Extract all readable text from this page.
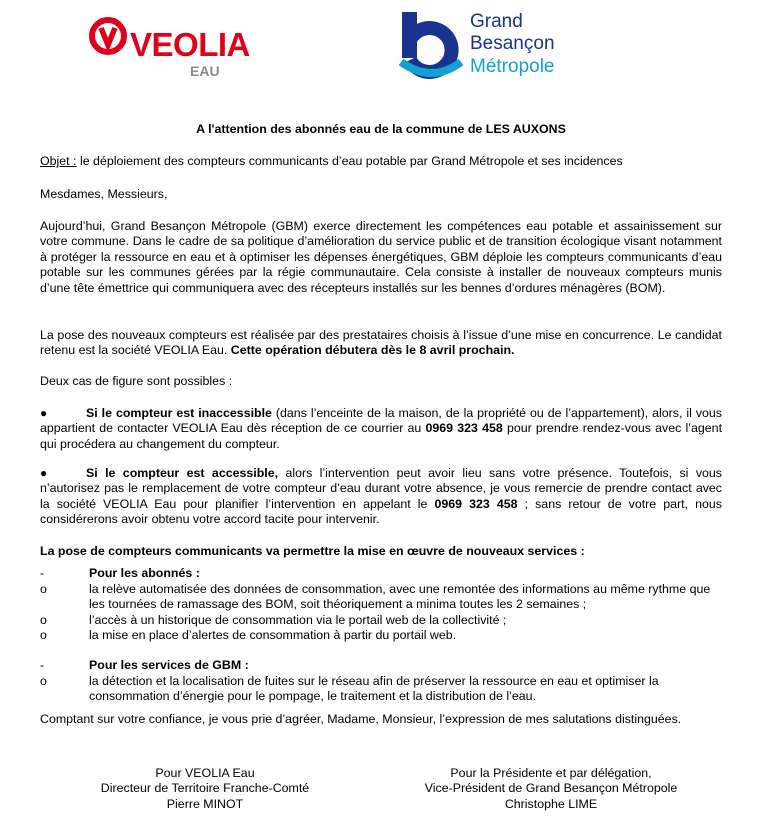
VEOLIA
EAU
Grand
Besançon
Métropole
A l'attention des abonnés eau de la commune de LES AUXONS
Objet : le déploiement des compteurs communicants d’eau potable par Grand Métropole et ses incidences
Mesdames, Messieurs,
Aujourd’hui, Grand Besançon Métropole (GBM) exerce directement les compétences eau potable et assainissement sur votre commune. Dans le cadre de sa politique d’amélioration du service public et de transition écologique visant notamment à protéger la ressource en eau et à optimiser les dépenses énergétiques, GBM déploie les compteurs communicants d’eau potable sur les communes gérées par la régie communautaire. Cela consiste à installer de nouveaux compteurs munis d’une tête émettrice qui communiquera avec des récepteurs installés sur les bennes d’ordures ménagères (BOM).
La pose des nouveaux compteurs est réalisée par des prestataires choisis à l’issue d’une mise en concurrence. Le candidat retenu est la société VEOLIA Eau. Cette opération débutera dès le 8 avril prochain.
Deux cas de figure sont possibles :
Si le compteur est inaccessible (dans l’enceinte de la maison, de la propriété ou de l’appartement), alors, il vous appartient de contacter VEOLIA Eau dès réception de ce courrier au 0969 323 458 pour prendre rendez-vous avec l’agent qui procédera au changement du compteur.
●
Si le compteur est accessible, alors l’intervention peut avoir lieu sans votre présence. Toutefois, si vous n’autorisez pas le remplacement de votre compteur d’eau durant votre absence, je vous remercie de prendre contact avec la société VEOLIA Eau pour planifier l’intervention en appelant le 0969 323 458 ; sans retour de votre part, nous considérerons avoir obtenu votre accord tacite pour intervenir.
●
La pose de compteurs communicants va permettre la mise en œuvre de nouveaux services :
-	Pour les abonnés :
o	la relève automatisée des données de consommation, avec une remontée des informations au même rythme que les tournées de ramassage des BOM, soit théoriquement a minima toutes les 2 semaines ;
o	l’accès à un historique de consommation via le portail web de la collectivité ;
o	la mise en place d’alertes de consommation à partir du portail web.
-	Pour les services de GBM :
o	la détection et la localisation de fuites sur le réseau afin de préserver la ressource en eau et optimiser la consommation d’énergie pour le pompage, le traitement et la distribution de l’eau.
Comptant sur votre confiance, je vous prie d’agréer, Madame, Monsieur, l’expression de mes salutations distinguées.
Pour VEOLIA Eau
Directeur de Territoire Franche-Comté
Pierre MINOT
Pour la Présidente et par délégation,
Vice-Président de Grand Besançon Métropole
Christophe LIME
